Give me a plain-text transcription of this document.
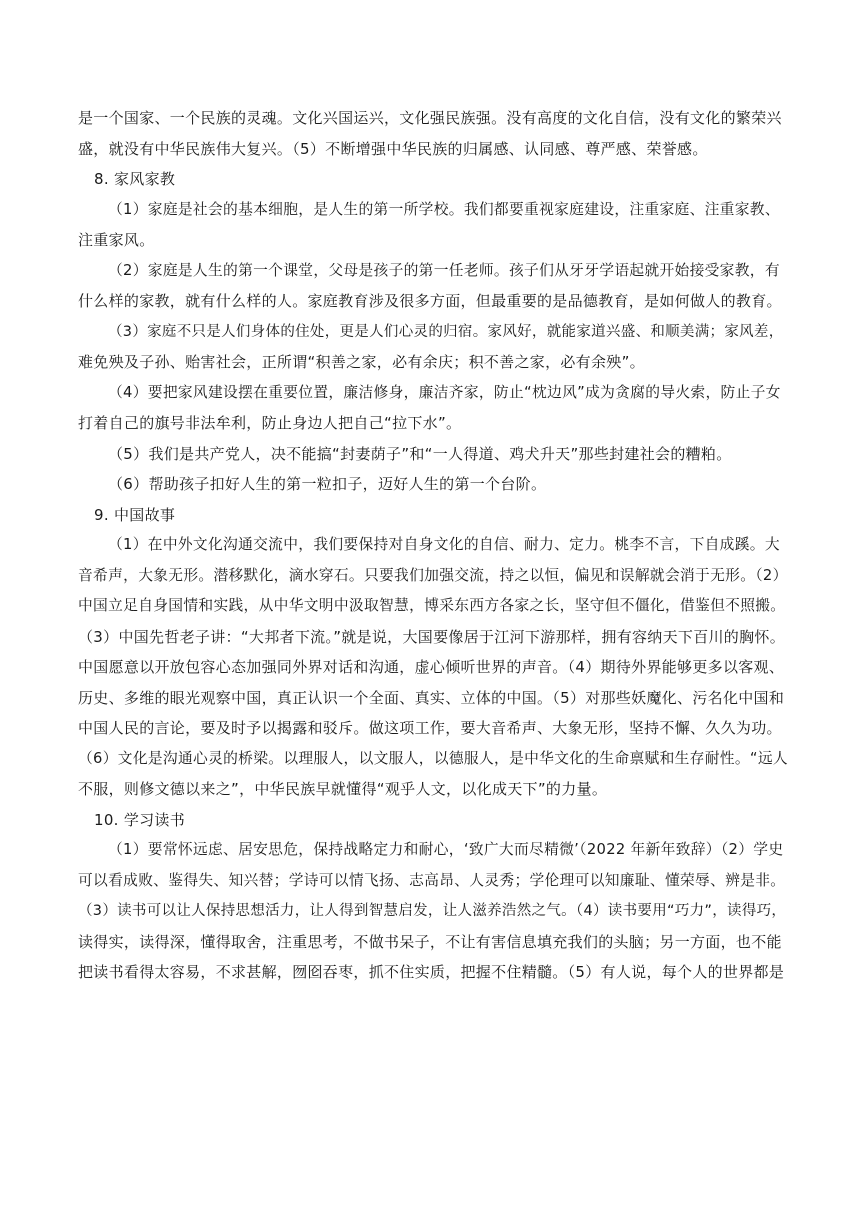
是一个国家、一个民族的灵魂。文化兴国运兴，文化强民族强。没有高度的文化自信，没有文化的繁荣兴
盛，就没有中华民族伟大复兴。（5）不断增强中华民族的归属感、认同感、尊严感、荣誉感。
8. 家风家教
（1）家庭是社会的基本细胞，是人生的第一所学校。我们都要重视家庭建设，注重家庭、注重家教、
注重家风。
（2）家庭是人生的第一个课堂，父母是孩子的第一任老师。孩子们从牙牙学语起就开始接受家教，有
什么样的家教，就有什么样的人。家庭教育涉及很多方面，但最重要的是品德教育，是如何做人的教育。
（3）家庭不只是人们身体的住处，更是人们心灵的归宿。家风好，就能家道兴盛、和顺美满；家风差，
难免殃及子孙、贻害社会，正所谓“积善之家，必有余庆；积不善之家，必有余殃”。
（4）要把家风建设摆在重要位置，廉洁修身，廉洁齐家，防止“枕边风”成为贪腐的导火索，防止子女
打着自己的旗号非法牟利，防止身边人把自己“拉下水”。
（5）我们是共产党人，决不能搞“封妻荫子”和“一人得道、鸡犬升天”那些封建社会的糟粕。
（6）帮助孩子扣好人生的第一粒扣子，迈好人生的第一个台阶。
9. 中国故事
（1）在中外文化沟通交流中，我们要保持对自身文化的自信、耐力、定力。桃李不言，下自成蹊。大
音希声，大象无形。潜移默化，滴水穿石。只要我们加强交流，持之以恒，偏见和误解就会消于无形。（2）
中国立足自身国情和实践，从中华文明中汲取智慧，博采东西方各家之长，坚守但不僵化，借鉴但不照搬。
（3）中国先哲老子讲：“大邦者下流。”就是说，大国要像居于江河下游那样，拥有容纳天下百川的胸怀。
中国愿意以开放包容心态加强同外界对话和沟通，虚心倾听世界的声音。（4）期待外界能够更多以客观、
历史、多维的眼光观察中国，真正认识一个全面、真实、立体的中国。（5）对那些妖魔化、污名化中国和
中国人民的言论，要及时予以揭露和驳斥。做这项工作，要大音希声、大象无形，坚持不懈、久久为功。
（6）文化是沟通心灵的桥梁。以理服人，以文服人，以德服人，是中华文化的生命禀赋和生存耐性。“远人
不服，则修文德以来之”，中华民族早就懂得“观乎人文，以化成天下”的力量。
10. 学习读书
（1）要常怀远虑、居安思危，保持战略定力和耐心，‘致广大而尽精微’（2022 年新年致辞）（2）学史
可以看成败、鉴得失、知兴替；学诗可以情飞扬、志高昂、人灵秀；学伦理可以知廉耻、懂荣辱、辨是非。
（3）读书可以让人保持思想活力，让人得到智慧启发，让人滋养浩然之气。（4）读书要用“巧力”，读得巧，
读得实，读得深，懂得取舍，注重思考，不做书呆子，不让有害信息填充我们的头脑；另一方面，也不能
把读书看得太容易，不求甚解，囫囵吞枣，抓不住实质，把握不住精髓。（5）有人说，每个人的世界都是
